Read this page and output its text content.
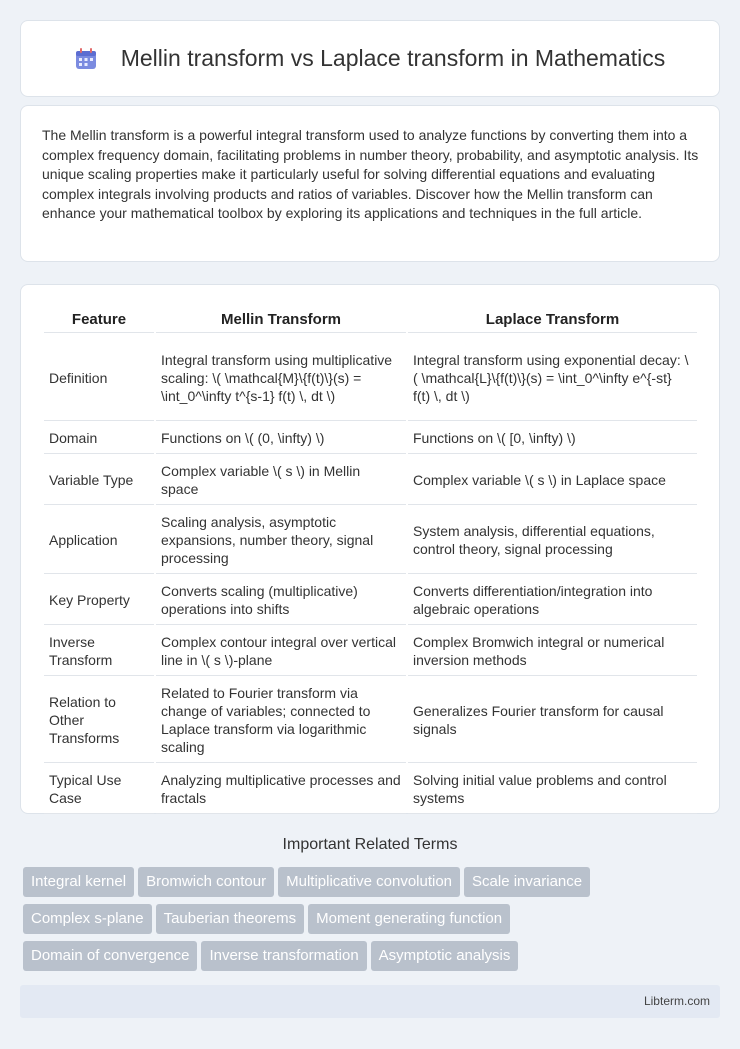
Mellin transform vs Laplace transform in Mathematics

The Mellin transform is a powerful integral transform used to analyze functions by converting them into a complex frequency domain, facilitating problems in number theory, probability, and asymptotic analysis. Its unique scaling properties make it particularly useful for solving differential equations and evaluating complex integrals involving products and ratios of variables. Discover how the Mellin transform can enhance your mathematical toolbox by exploring its applications and techniques in the full article.

Feature	Mellin Transform	Laplace Transform
Definition	Integral transform using multiplicative scaling: \( \mathcal{M}\{f(t)\}(s) = \int_0^\infty t^{s-1} f(t) \, dt \)	Integral transform using exponential decay: \( \mathcal{L}\{f(t)\}(s) = \int_0^\infty e^{-st} f(t) \, dt \)
Domain	Functions on \( (0, \infty) \)	Functions on \( [0, \infty) \)
Variable Type	Complex variable \( s \) in Mellin space	Complex variable \( s \) in Laplace space
Application	Scaling analysis, asymptotic expansions, number theory, signal processing	System analysis, differential equations, control theory, signal processing
Key Property	Converts scaling (multiplicative) operations into shifts	Converts differentiation/integration into algebraic operations
Inverse Transform	Complex contour integral over vertical line in \( s \)-plane	Complex Bromwich integral or numerical inversion methods
Relation to Other Transforms	Related to Fourier transform via change of variables; connected to Laplace transform via logarithmic scaling	Generalizes Fourier transform for causal signals
Typical Use Case	Analyzing multiplicative processes and fractals	Solving initial value problems and control systems
Important Related Terms
Integral kernel Bromwich contour Multiplicative convolution Scale invariance
Complex s-plane Tauberian theorems Moment generating function
Domain of convergence Inverse transformation Asymptotic analysis
Libterm.com
